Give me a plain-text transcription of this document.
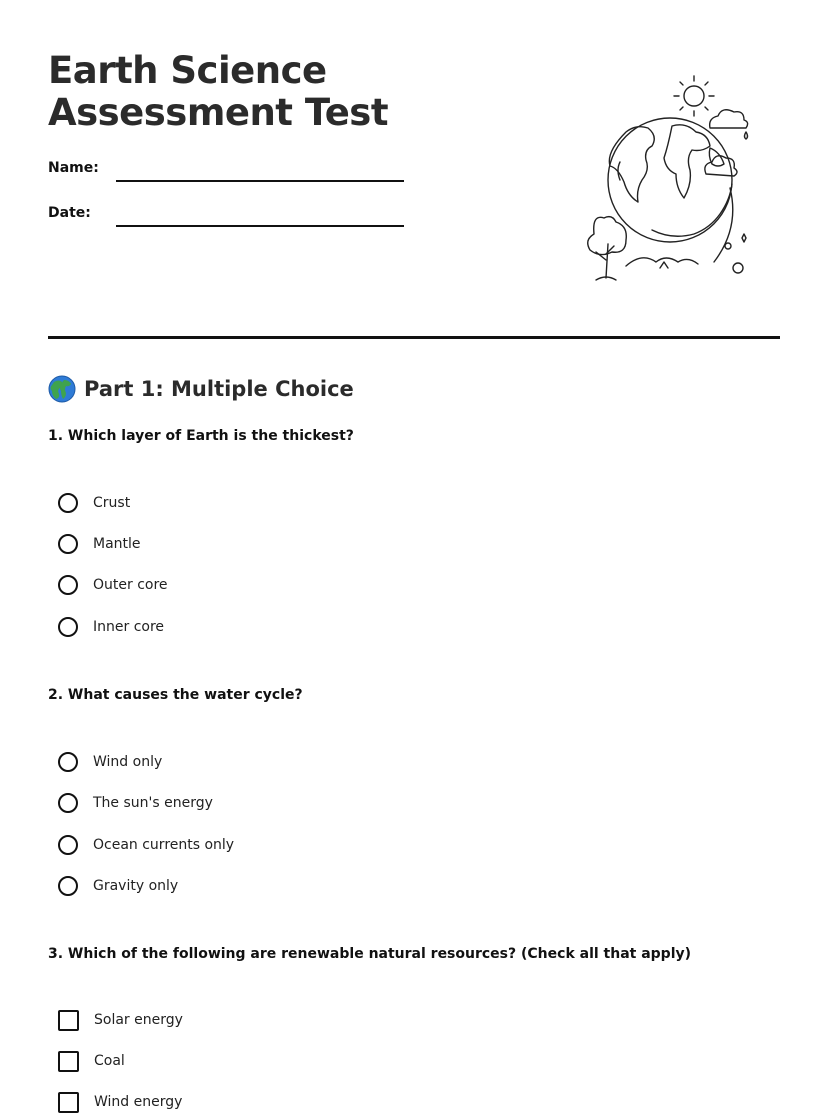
Earth Science
Assessment Test
Name:
Date:
Part 1: Multiple Choice
1. Which layer of Earth is the thickest?
Crust
Mantle
Outer core
Inner core
2. What causes the water cycle?
Wind only
The sun's energy
Ocean currents only
Gravity only
3. Which of the following are renewable natural resources? (Check all that apply)
Solar energy
Coal
Wind energy
